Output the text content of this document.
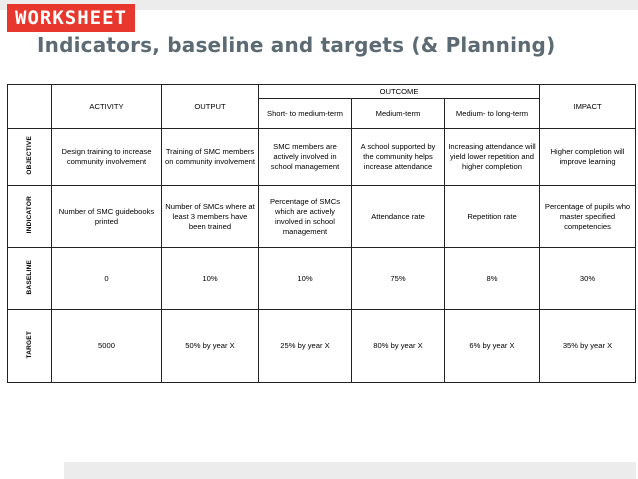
WORKSHEET
Indicators, baseline and targets (& Planning)
	ACTIVITY	OUTPUT	OUTCOME			IMPACT
			Short- to medium-term	Medium-term	Medium- to long-term	
OBJECTIVE	Design training to increase community involvement	Training of SMC members on community involvement	SMC members are actively involved in school management	A school supported by the community helps increase attendance	Increasing attendance will yield lower repetition and higher completion	Higher completion will improve learning
INDICATOR	Number of SMC guidebooks printed	Number of SMCs where at least 3 members have been trained	Percentage of SMCs which are actively involved in school management	Attendance rate	Repetition rate	Percentage of pupils who master specified competencies
BASELINE	0	10%	10%	75%	8%	30%
TARGET	5000	50% by year X	25% by year X	80% by year X	6% by year X	35% by year X
